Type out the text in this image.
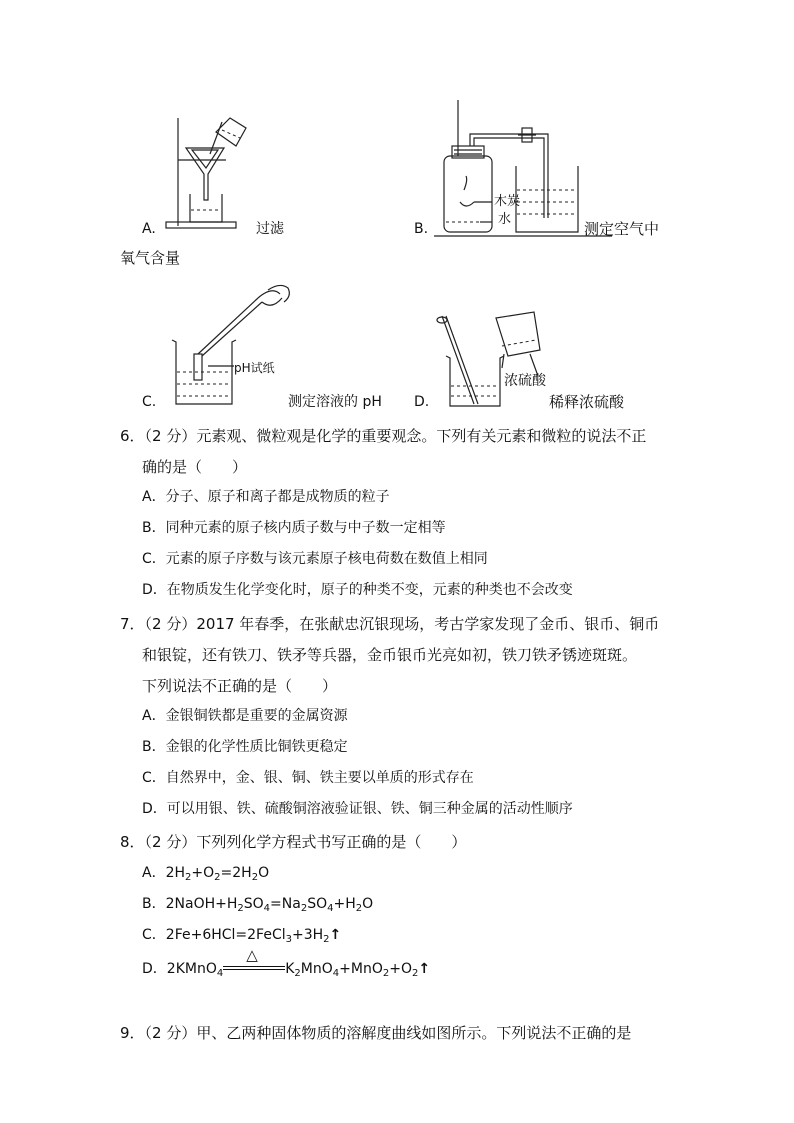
A.	过滤
木炭
水
B.	测定空气中
氧气含量
pH试纸
C.	测定溶液的 pH
浓硫酸
D.	稀释浓硫酸
6．（2 分）元素观、微粒观是化学的重要观念。下列有关元素和微粒的说法不正
确的是（　　）
A．分子、原子和离子都是成物质的粒子
B．同种元素的原子核内质子数与中子数一定相等
C．元素的原子序数与该元素原子核电荷数在数值上相同
D．在物质发生化学变化时，原子的种类不变，元素的种类也不会改变
7．（2 分）2017 年春季，在张献忠沉银现场，考古学家发现了金币、银币、铜币
和银锭，还有铁刀、铁矛等兵器，金币银币光亮如初，铁刀铁矛锈迹斑斑。
下列说法不正确的是（　　）
A．金银铜铁都是重要的金属资源
B．金银的化学性质比铜铁更稳定
C．自然界中，金、银、铜、铁主要以单质的形式存在
D．可以用银、铁、硫酸铜溶液验证银、铁、铜三种金属的活动性顺序
8．（2 分）下列列化学方程式书写正确的是（　　）
A．$2H_2+O_2=2H_2O$
B．$2NaOH+H_2SO_4=Na_2SO_4+H_2O$
C．$2Fe+6HCl=2FeCl_3+3H_2↑$
D．2KMnO$_4$
△
$K_2MnO_4+MnO_2+O_2↑$
9．（2 分）甲、乙两种固体物质的溶解度曲线如图所示。下列说法不正确的是
